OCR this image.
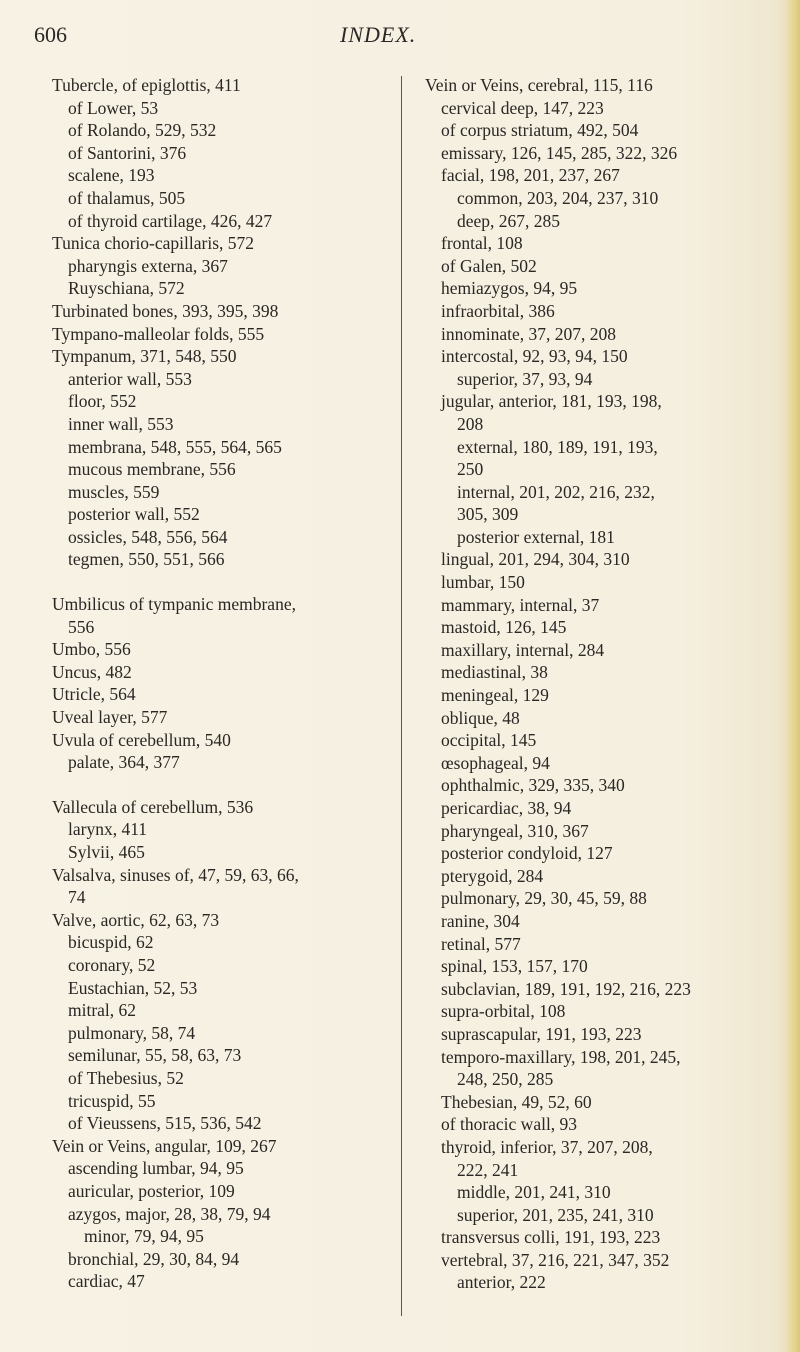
606	INDEX.
Tubercle, of epiglottis, 411
of Lower, 53
of Rolando, 529, 532
of Santorini, 376
scalene, 193
of thalamus, 505
of thyroid cartilage, 426, 427
Tunica chorio-capillaris, 572
pharyngis externa, 367
Ruyschiana, 572
Turbinated bones, 393, 395, 398
Tympano-malleolar folds, 555
Tympanum, 371, 548, 550
anterior wall, 553
floor, 552
inner wall, 553
membrana, 548, 555, 564, 565
mucous membrane, 556
muscles, 559
posterior wall, 552
ossicles, 548, 556, 564
tegmen, 550, 551, 566
Umbilicus of tympanic membrane,
556
Umbo, 556
Uncus, 482
Utricle, 564
Uveal layer, 577
Uvula of cerebellum, 540
palate, 364, 377
Vallecula of cerebellum, 536
larynx, 411
Sylvii, 465
Valsalva, sinuses of, 47, 59, 63, 66,
74
Valve, aortic, 62, 63, 73
bicuspid, 62
coronary, 52
Eustachian, 52, 53
mitral, 62
pulmonary, 58, 74
semilunar, 55, 58, 63, 73
of Thebesius, 52
tricuspid, 55
of Vieussens, 515, 536, 542
Vein or Veins, angular, 109, 267
ascending lumbar, 94, 95
auricular, posterior, 109
azygos, major, 28, 38, 79, 94
minor, 79, 94, 95
bronchial, 29, 30, 84, 94
cardiac, 47
Vein or Veins, cerebral, 115, 116
cervical deep, 147, 223
of corpus striatum, 492, 504
emissary, 126, 145, 285, 322, 326
facial, 198, 201, 237, 267
common, 203, 204, 237, 310
deep, 267, 285
frontal, 108
of Galen, 502
hemiazygos, 94, 95
infraorbital, 386
innominate, 37, 207, 208
intercostal, 92, 93, 94, 150
superior, 37, 93, 94
jugular, anterior, 181, 193, 198,
208
external, 180, 189, 191, 193,
250
internal, 201, 202, 216, 232,
305, 309
posterior external, 181
lingual, 201, 294, 304, 310
lumbar, 150
mammary, internal, 37
mastoid, 126, 145
maxillary, internal, 284
mediastinal, 38
meningeal, 129
oblique, 48
occipital, 145
œsophageal, 94
ophthalmic, 329, 335, 340
pericardiac, 38, 94
pharyngeal, 310, 367
posterior condyloid, 127
pterygoid, 284
pulmonary, 29, 30, 45, 59, 88
ranine, 304
retinal, 577
spinal, 153, 157, 170
subclavian, 189, 191, 192, 216, 223
supra-orbital, 108
suprascapular, 191, 193, 223
temporo-maxillary, 198, 201, 245,
248, 250, 285
Thebesian, 49, 52, 60
of thoracic wall, 93
thyroid, inferior, 37, 207, 208,
222, 241
middle, 201, 241, 310
superior, 201, 235, 241, 310
transversus colli, 191, 193, 223
vertebral, 37, 216, 221, 347, 352
anterior, 222
